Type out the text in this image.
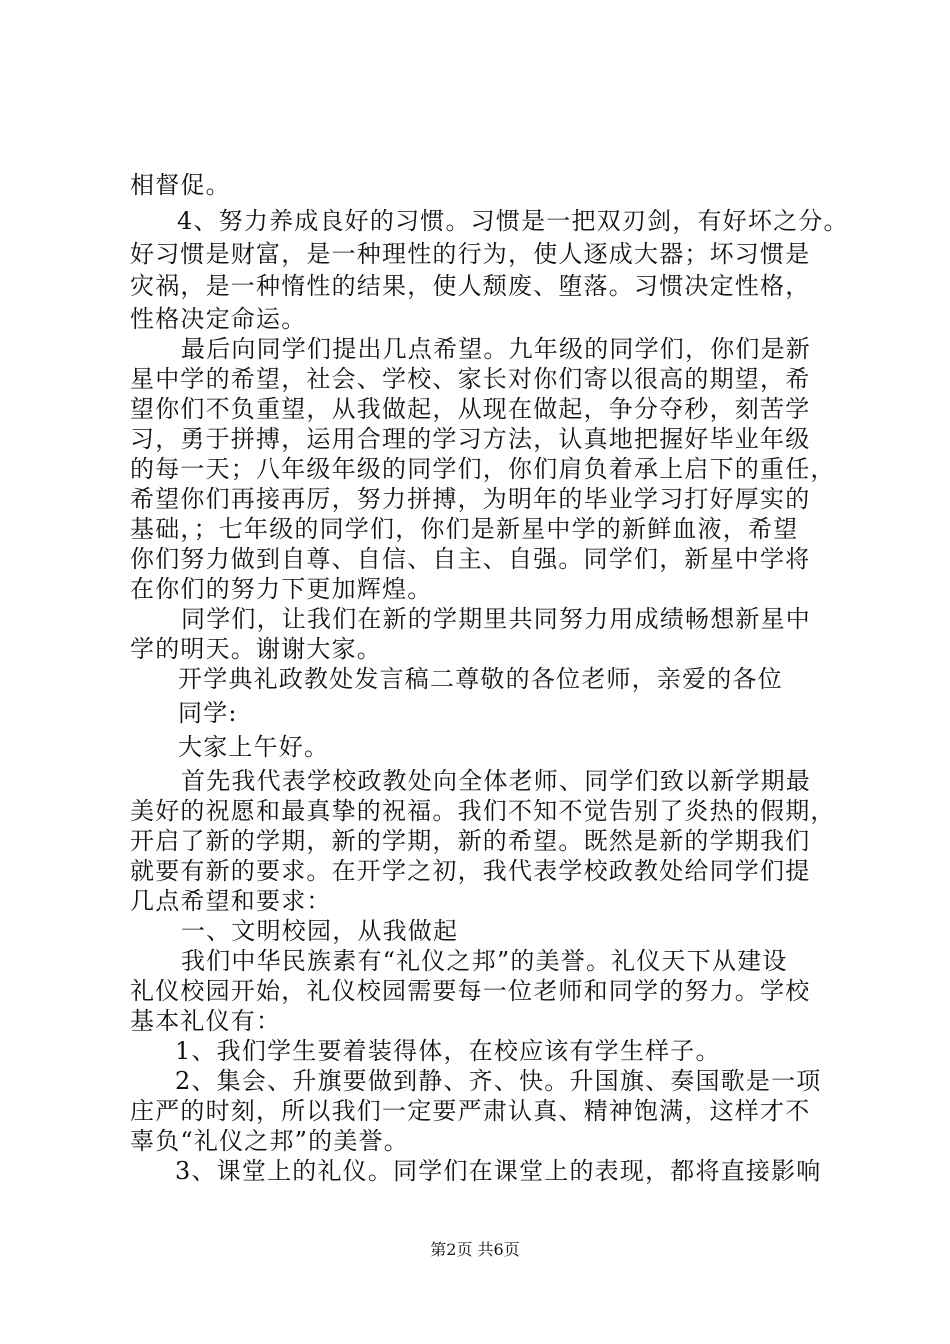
相督促。
4、努力养成良好的习惯。习惯是一把双刃剑，有好坏之分。
好习惯是财富，是一种理性的行为，使人逐成大器；坏习惯是
灾祸，是一种惰性的结果，使人颓废、堕落。习惯决定性格，
性格决定命运。
最后向同学们提出几点希望。九年级的同学们，你们是新
星中学的希望，社会、学校、家长对你们寄以很高的期望，希
望你们不负重望，从我做起，从现在做起，争分夺秒，刻苦学
习，勇于拼搏，运用合理的学习方法，认真地把握好毕业年级
的每一天；八年级年级的同学们，你们肩负着承上启下的重任，
希望你们再接再厉，努力拼搏，为明年的毕业学习打好厚实的
基础，；七年级的同学们，你们是新星中学的新鲜血液，希望
你们努力做到自尊、自信、自主、自强。同学们，新星中学将
在你们的努力下更加辉煌。
同学们，让我们在新的学期里共同努力用成绩畅想新星中
学的明天。谢谢大家。
开学典礼政教处发言稿二尊敬的各位老师，亲爱的各位
同学:
大家上午好。
首先我代表学校政教处向全体老师、同学们致以新学期最
美好的祝愿和最真挚的祝福。我们不知不觉告别了炎热的假期，
开启了新的学期，新的学期，新的希望。既然是新的学期我们
就要有新的要求。在开学之初，我代表学校政教处给同学们提
几点希望和要求：
一、文明校园，从我做起
我们中华民族素有“礼仪之邦”的美誉。礼仪天下从建设
礼仪校园开始，礼仪校园需要每一位老师和同学的努力。学校
基本礼仪有：
1、我们学生要着装得体，在校应该有学生样子。
2、集会、升旗要做到静、齐、快。升国旗、奏国歌是一项
庄严的时刻，所以我们一定要严肃认真、精神饱满，这样才不
辜负“礼仪之邦”的美誉。
3、课堂上的礼仪。同学们在课堂上的表现，都将直接影响
第2页 共6页
